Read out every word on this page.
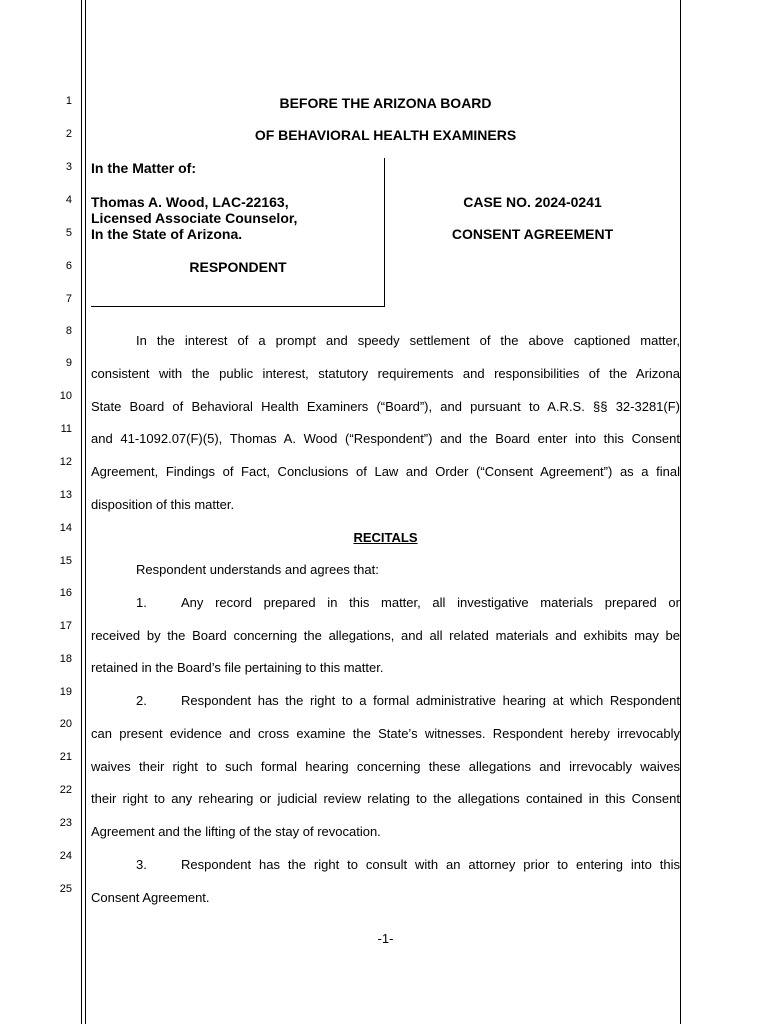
1
2
3
4
5
6
7
8
9
10
11
12
13
14
15
16
17
18
19
20
21
22
23
24
25
BEFORE THE ARIZONA BOARD
OF BEHAVIORAL HEALTH EXAMINERS
In the Matter of:
Thomas A. Wood, LAC-22163,
Licensed Associate Counselor,
In the State of Arizona.
RESPONDENT
CASE NO. 2024-0241
CONSENT AGREEMENT
In the interest of a prompt and speedy settlement of the above captioned matter,
consistent with the public interest, statutory requirements and responsibilities of the Arizona
State Board of Behavioral Health Examiners (“Board”), and pursuant to A.R.S. §§ 32-3281(F)
and 41-1092.07(F)(5), Thomas A. Wood (“Respondent”) and the Board enter into this Consent
Agreement, Findings of Fact, Conclusions of Law and Order (“Consent Agreement”) as a final
disposition of this matter.
RECITALS
Respondent understands and agrees that:
1.	Any record prepared in this matter, all investigative materials prepared or
received by the Board concerning the allegations, and all related materials and exhibits may be
retained in the Board’s file pertaining to this matter.
2.	Respondent has the right to a formal administrative hearing at which Respondent
can present evidence and cross examine the State’s witnesses. Respondent hereby irrevocably
waives their right to such formal hearing concerning these allegations and irrevocably waives
their right to any rehearing or judicial review relating to the allegations contained in this Consent
Agreement and the lifting of the stay of revocation.
3.	Respondent has the right to consult with an attorney prior to entering into this
Consent Agreement.
-1-
